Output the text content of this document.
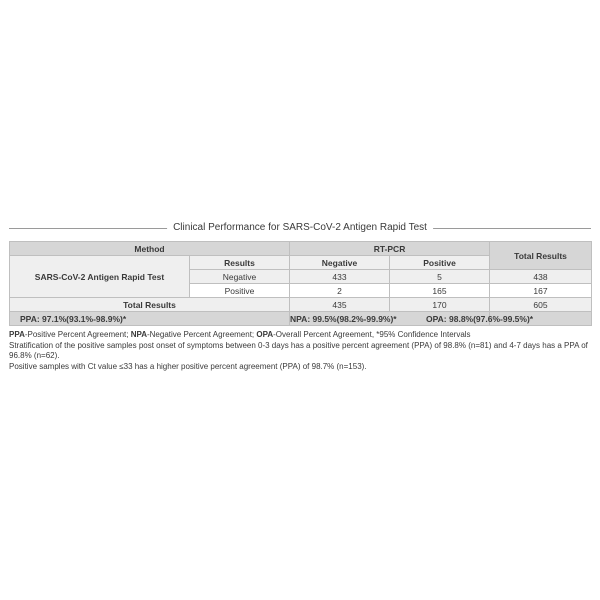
Clinical Performance for SARS-CoV-2 Antigen Rapid Test
Method		RT-PCR		Total Results
SARS-CoV-2 Antigen Rapid Test	Results	Negative	Positive	
	Negative	433	5	438
	Positive	2	165	167
Total Results		435	170	605
PPA: 97.1%(93.1%-98.9%)*		NPA: 99.5%(98.2%-99.9%)*		OPA: 98.8%(97.6%-99.5%)*

PPA-Positive Percent Agreement; NPA-Negative Percent Agreement; OPA-Overall Percent Agreement, *95% Confidence Intervals

Stratification of the positive samples post onset of symptoms between 0-3 days has a positive percent agreement (PPA) of 98.8% (n=81) and 4-7 days has a PPA of 96.8% (n=62).

Positive samples with Ct value ≤33 has a higher positive percent agreement (PPA) of 98.7% (n=153).
